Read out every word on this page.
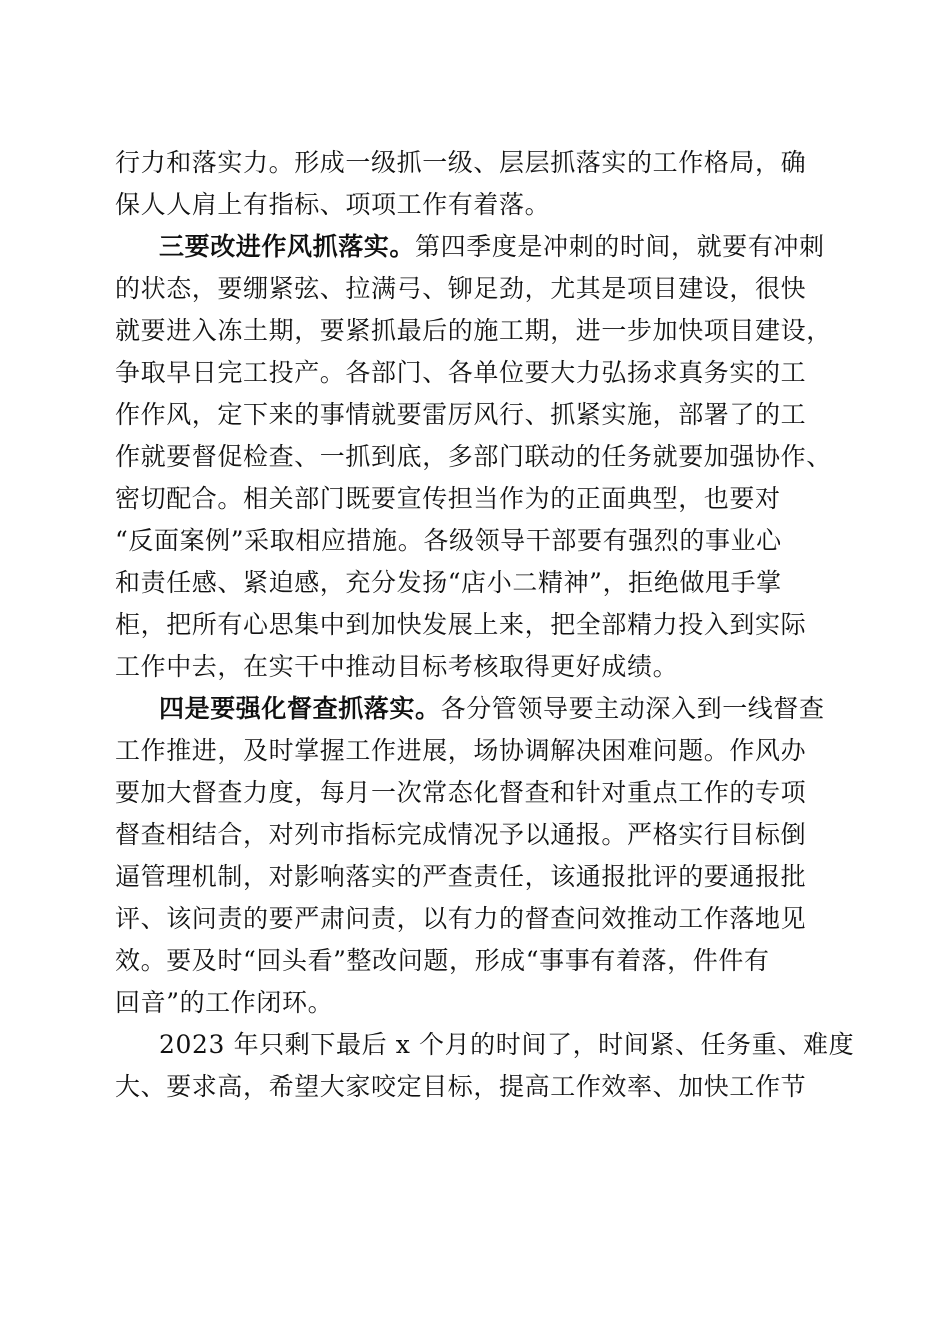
行力和落实力。形成一级抓一级、层层抓落实的工作格局，确
保人人肩上有指标、项项工作有着落。
三要改进作风抓落实。第四季度是冲刺的时间，就要有冲刺
的状态，要绷紧弦、拉满弓、铆足劲，尤其是项目建设，很快
就要进入冻土期，要紧抓最后的施工期，进一步加快项目建设，
争取早日完工投产。各部门、各单位要大力弘扬求真务实的工
作作风，定下来的事情就要雷厉风行、抓紧实施，部署了的工
作就要督促检查、一抓到底，多部门联动的任务就要加强协作、
密切配合。相关部门既要宣传担当作为的正面典型，也要对
“反面案例”采取相应措施。各级领导干部要有强烈的事业心
和责任感、紧迫感，充分发扬“店小二精神”，拒绝做甩手掌
柜，把所有心思集中到加快发展上来，把全部精力投入到实际
工作中去，在实干中推动目标考核取得更好成绩。
四是要强化督查抓落实。各分管领导要主动深入到一线督查
工作推进，及时掌握工作进展，场协调解决困难问题。作风办
要加大督查力度，每月一次常态化督查和针对重点工作的专项
督查相结合，对列市指标完成情况予以通报。严格实行目标倒
逼管理机制，对影响落实的严查责任，该通报批评的要通报批
评、该问责的要严肃问责，以有力的督查问效推动工作落地见
效。要及时“回头看”整改问题，形成“事事有着落，件件有
回音”的工作闭环。
2023 年只剩下最后 x 个月的时间了，时间紧、任务重、难度
大、要求高，希望大家咬定目标，提高工作效率、加快工作节
